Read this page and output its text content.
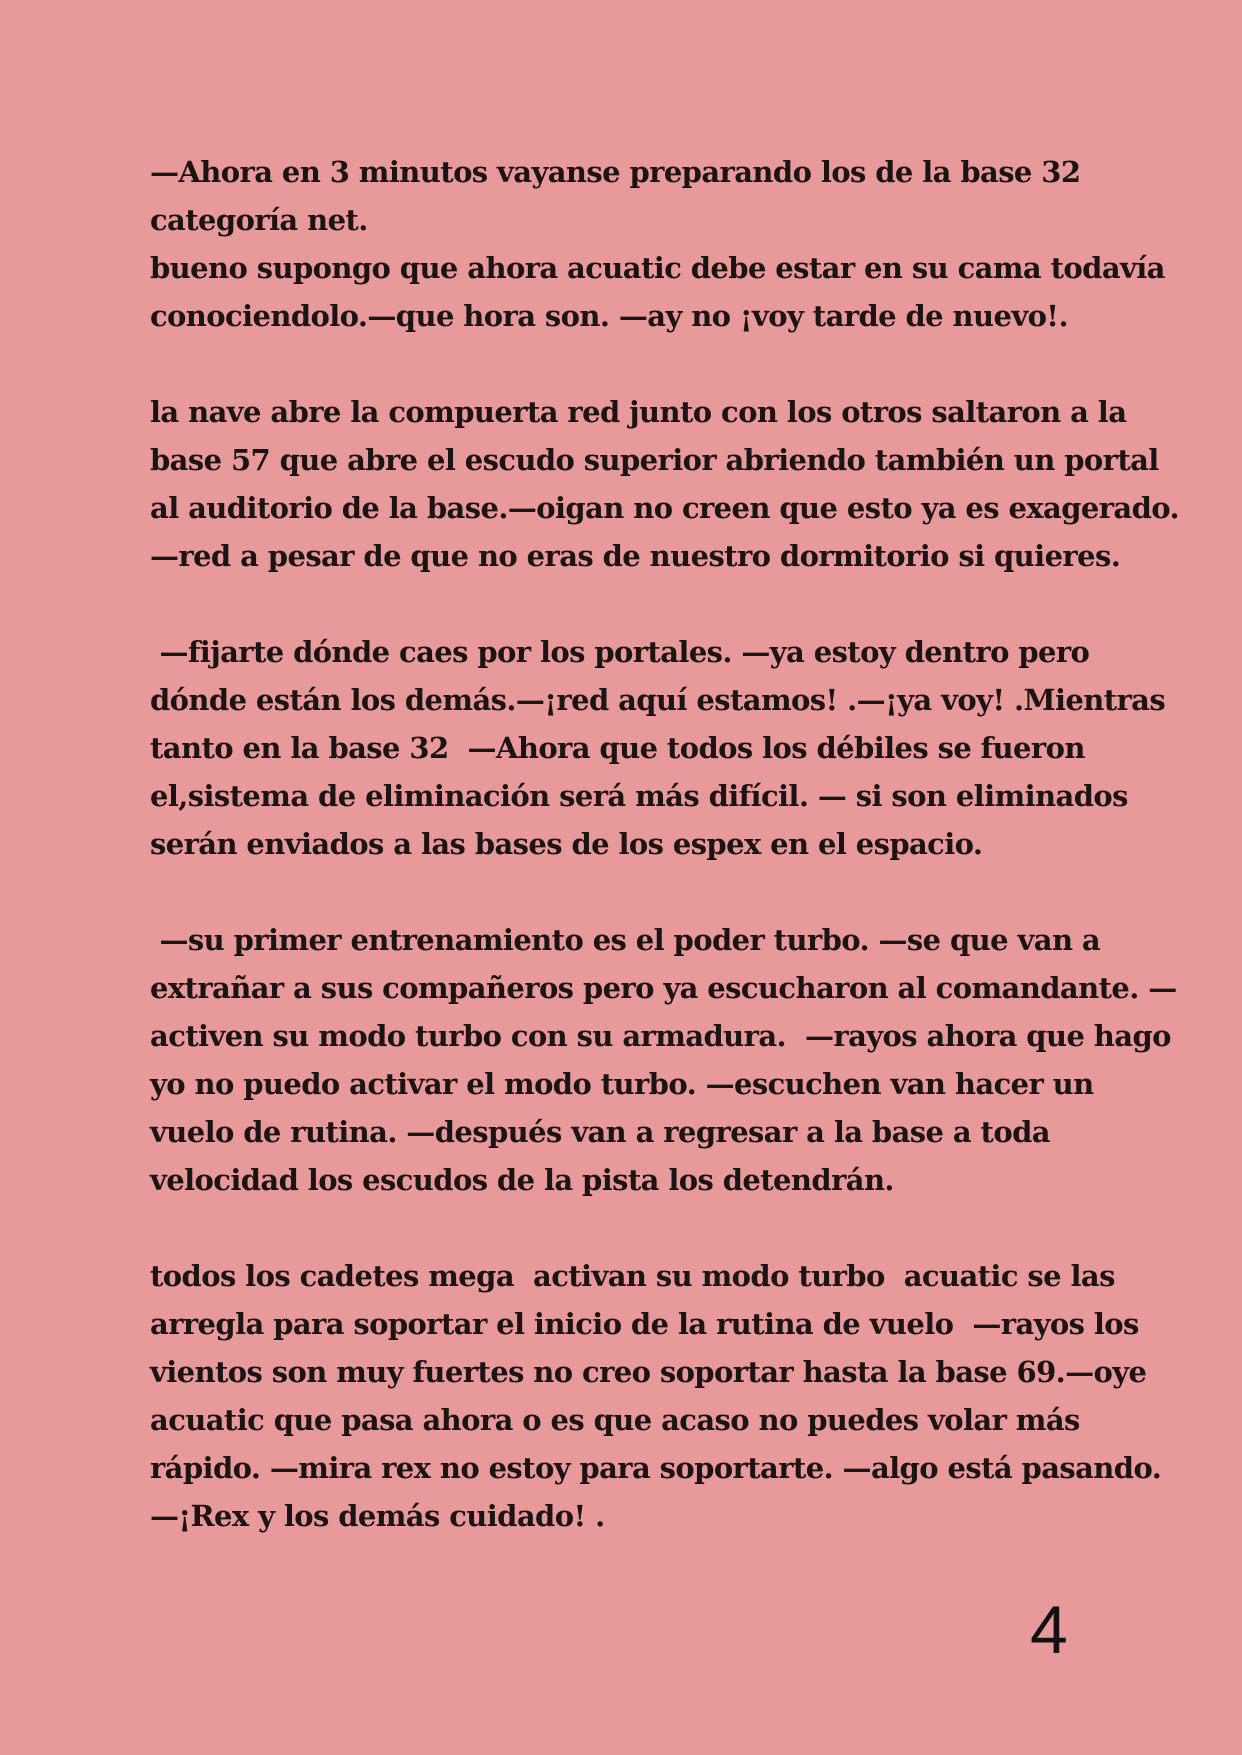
—Ahora en 3 minutos vayanse preparando los de la base 32
categoría net.
bueno supongo que ahora acuatic debe estar en su cama todavía
conociendolo.—que hora son. —ay no ¡voy tarde de nuevo!.
la nave abre la compuerta red junto con los otros saltaron a la
base 57 que abre el escudo superior abriendo también un portal
al auditorio de la base.—oigan no creen que esto ya es exagerado.
—red a pesar de que no eras de nuestro dormitorio si quieres.
—fijarte dónde caes por los portales. —ya estoy dentro pero
dónde están los demás.—¡red aquí estamos! .—¡ya voy! .Mientras
tanto en la base 32  —Ahora que todos los débiles se fueron
el,sistema de eliminación será más difícil. — si son eliminados
serán enviados a las bases de los espex en el espacio.
—su primer entrenamiento es el poder turbo. —se que van a
extrañar a sus compañeros pero ya escucharon al comandante. —
activen su modo turbo con su armadura.  —rayos ahora que hago
yo no puedo activar el modo turbo. —escuchen van hacer un
vuelo de rutina. —después van a regresar a la base a toda
velocidad los escudos de la pista los detendrán.
todos los cadetes mega  activan su modo turbo  acuatic se las
arregla para soportar el inicio de la rutina de vuelo  —rayos los
vientos son muy fuertes no creo soportar hasta la base 69.—oye
acuatic que pasa ahora o es que acaso no puedes volar más
rápido. —mira rex no estoy para soportarte. —algo está pasando.
—¡Rex y los demás cuidado! .
4
